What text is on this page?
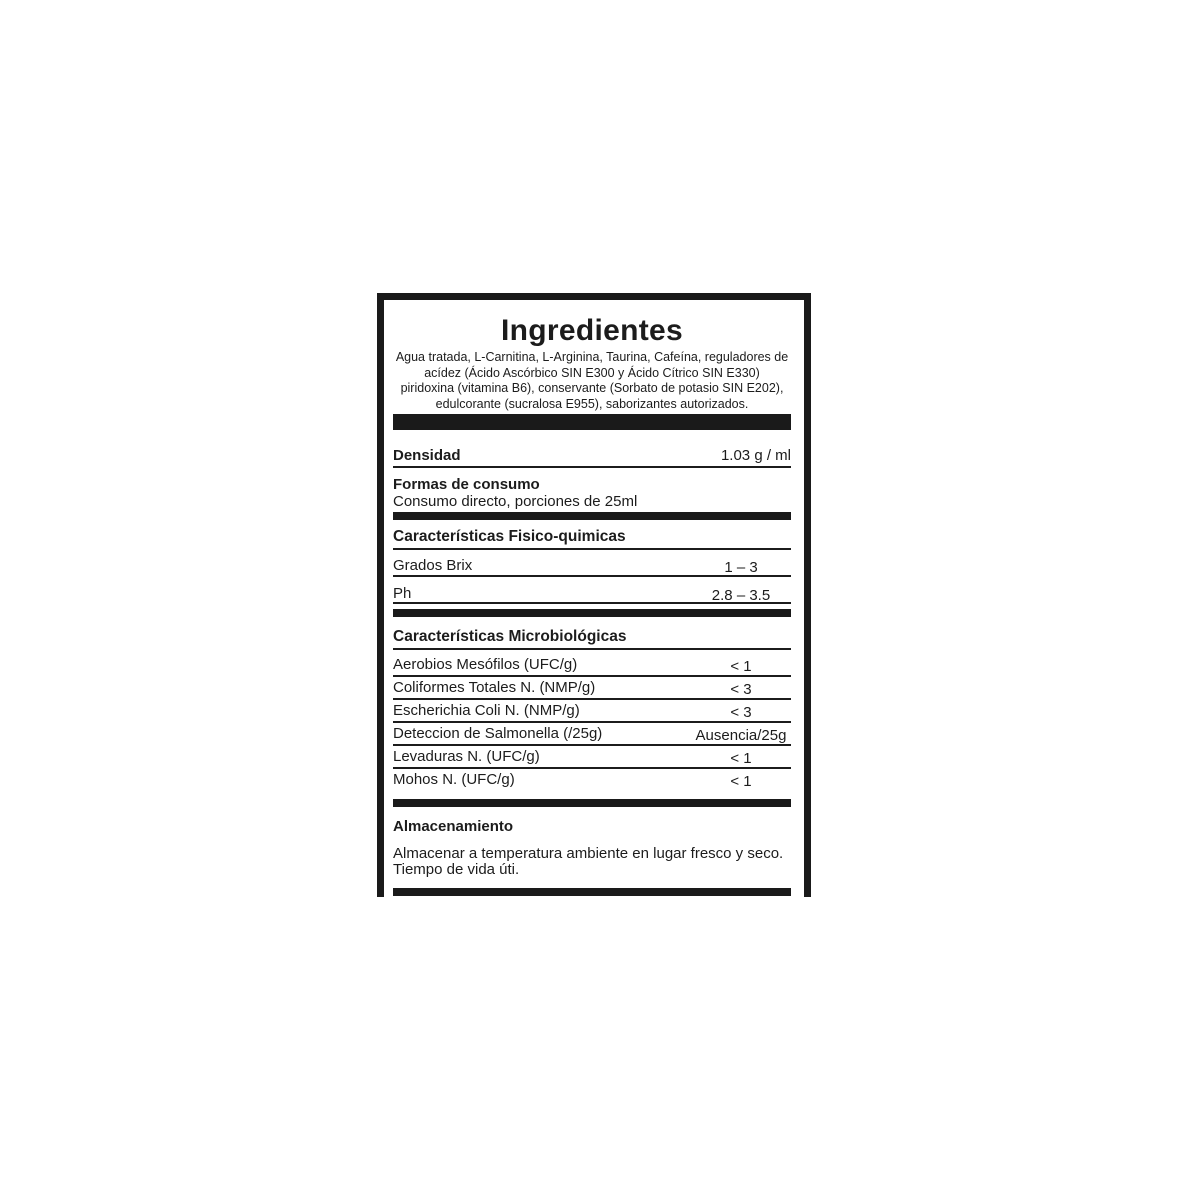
Ingredientes
Agua tratada, L-Carnitina, L-Arginina, Taurina, Cafeína, reguladores de
acídez (Ácido Ascórbico SIN E300 y Ácido Cítrico SIN E330)
piridoxina (vitamina B6), conservante (Sorbato de potasio SIN E202),
edulcorante (sucralosa E955), saborizantes autorizados.
Densidad	1.03 g / ml
Formas de consumo
Consumo directo, porciones de 25ml
Características Fisico-quimicas
Grados Brix	1 – 3
Ph	2.8 – 3.5
Características Microbiológicas
Aerobios Mesófilos (UFC/g)	< 1
Coliformes Totales N. (NMP/g)	< 3
Escherichia Coli N. (NMP/g)	< 3
Deteccion de Salmonella (/25g)	Ausencia/25g
Levaduras N. (UFC/g)	< 1
Mohos N. (UFC/g)	< 1
Almacenamiento
Almacenar a temperatura ambiente en lugar fresco y seco.
Tiempo de vida úti.
